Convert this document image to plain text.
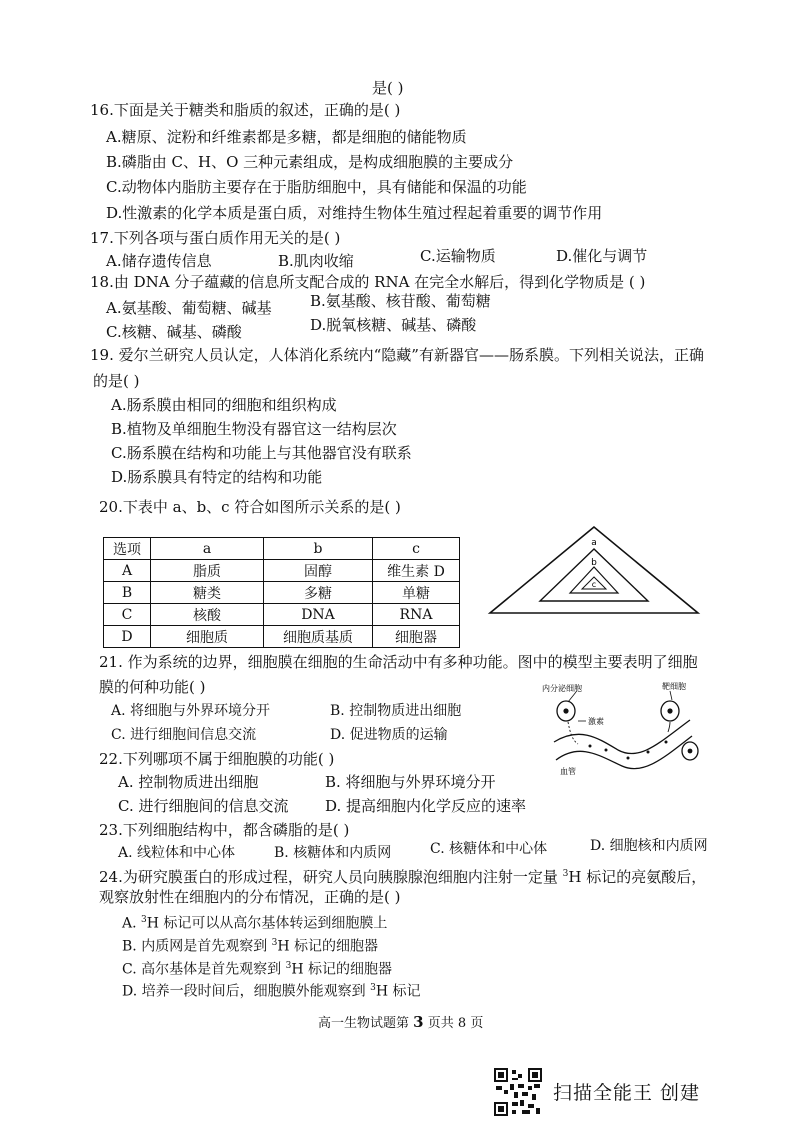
是( )
16.下面是关于糖类和脂质的叙述，正确的是( )
A.糖原、淀粉和纤维素都是多糖，都是细胞的储能物质
B.磷脂由 C、H、O 三种元素组成，是构成细胞膜的主要成分
C.动物体内脂肪主要存在于脂肪细胞中，具有储能和保温的功能
D.性激素的化学本质是蛋白质，对维持生物体生殖过程起着重要的调节作用
17.下列各项与蛋白质作用无关的是( )
A.储存遗传信息	B.肌肉收缩	C.运输物质	D.催化与调节
18.由 DNA 分子蕴藏的信息所支配合成的 RNA 在完全水解后，得到化学物质是 ( )
A.氨基酸、葡萄糖、碱基	B.氨基酸、核苷酸、葡萄糖
C.核糖、碱基、磷酸	D.脱氧核糖、碱基、磷酸
19. 爱尔兰研究人员认定，人体消化系统内“隐藏”有新器官——肠系膜。下列相关说法，正确
的是( )
A.肠系膜由相同的细胞和组织构成
B.植物及单细胞生物没有器官这一结构层次
C.肠系膜在结构和功能上与其他器官没有联系
D.肠系膜具有特定的结构和功能
20.下表中 a、b、c 符合如图所示关系的是( )
选项	a	b	c
A	脂质	固醇	维生素 D
B	糖类	多糖	单糖
C	核酸	DNA	RNA
D	细胞质	细胞质基质	细胞器
a
b
c
21. 作为系统的边界，细胞膜在细胞的生命活动中有多种功能。图中的模型主要表明了细胞
膜的何种功能( )
A. 将细胞与外界环境分开	B. 控制物质进出细胞
C. 进行细胞间信息交流	D. 促进物质的运输
内分泌细胞	靶细胞
激素
血管
22.下列哪项不属于细胞膜的功能( )
A. 控制物质进出细胞	B. 将细胞与外界环境分开
C. 进行细胞间的信息交流 D. 提高细胞内化学反应的速率
23.下列细胞结构中，都含磷脂的是( )
A. 线粒体和中心体	B. 核糖体和内质网	C. 核糖体和中心体	D. 细胞核和内质网
24.为研究膜蛋白的形成过程，研究人员向胰腺腺泡细胞内注射一定量 $^3$H 标记的亮氨酸后，
观察放射性在细胞内的分布情况，正确的是( )
A. $^3$H 标记可以从高尔基体转运到细胞膜上
B. 内质网是首先观察到 $^3$H 标记的细胞器
C. 高尔基体是首先观察到 $^3$H 标记的细胞器
D. 培养一段时间后，细胞膜外能观察到 $^3$H 标记
高一生物试题第 3 页共 8 页
扫描全能王 创建
